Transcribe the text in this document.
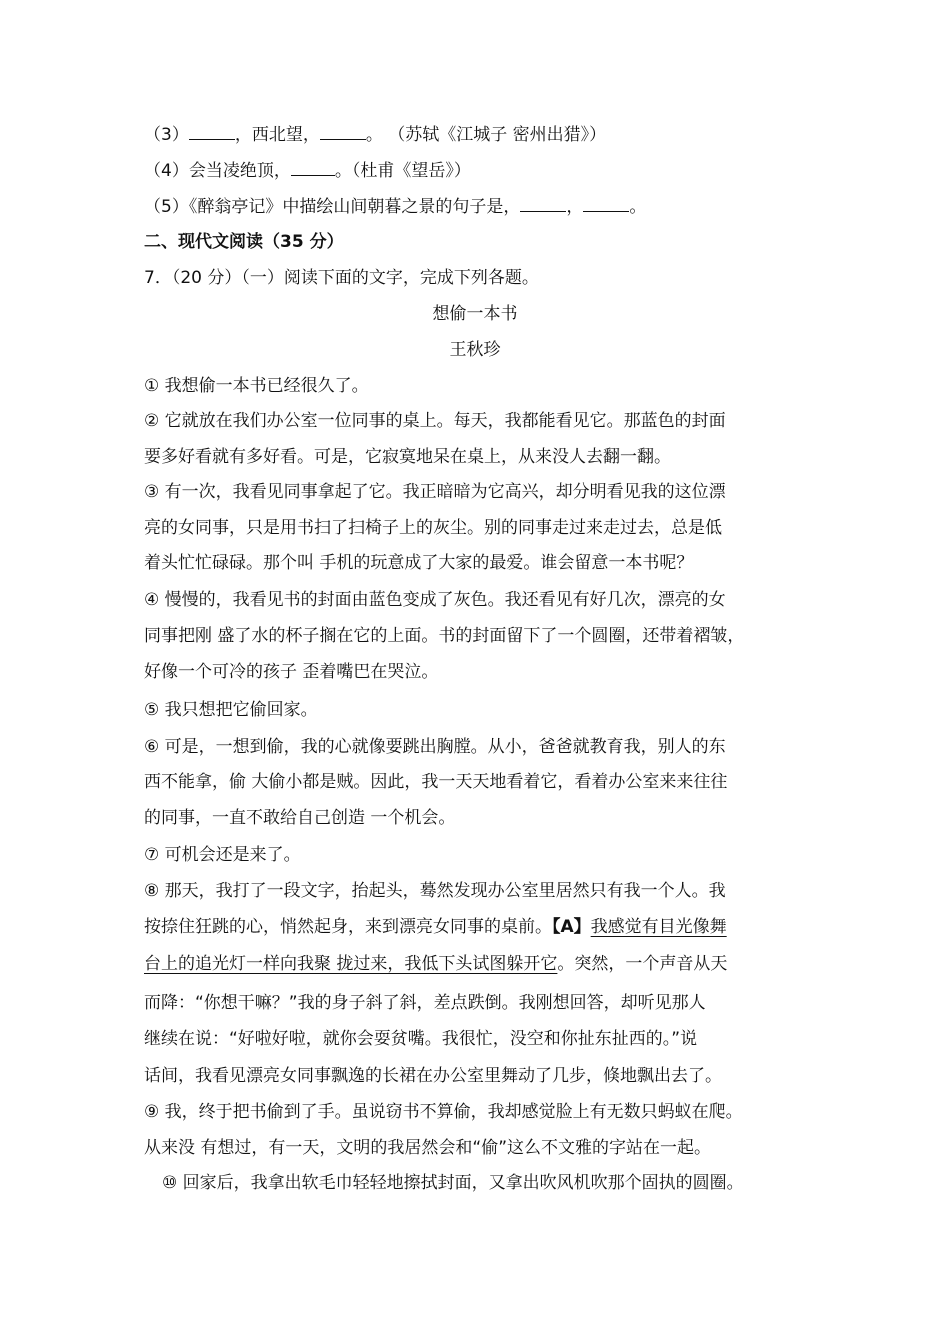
（3）	，西北望，	。 （苏轼《江城子 密州出猎》）
（4）会当凌绝顶，	。（杜甫《望岳》）
（5）《醉翁亭记》中描绘山间朝暮之景的句子是，	，	。
二、现代文阅读（35 分）
7．（20 分）（一）阅读下面的文字，完成下列各题。
想偷一本书
王秋珍
① 我想偷一本书已经很久了。
② 它就放在我们办公室一位同事的桌上。每天，我都能看见它。那蓝色的封面
要多好看就有多好看。可是，它寂寞地呆在桌上，从来没人去翻一翻。
③ 有一次，我看见同事拿起了它。我正暗暗为它高兴，却分明看见我的这位漂
亮的女同事，只是用书扫了扫椅子上的灰尘。别的同事走过来走过去，总是低
着头忙忙碌碌。那个叫 手机的玩意成了大家的最爱。谁会留意一本书呢？
④ 慢慢的，我看见书的封面由蓝色变成了灰色。我还看见有好几次，漂亮的女
同事把刚 盛了水的杯子搁在它的上面。书的封面留下了一个圆圈，还带着褶皱，
好像一个可冷的孩子 歪着嘴巴在哭泣。
⑤ 我只想把它偷回家。
⑥ 可是，一想到偷，我的心就像要跳出胸膛。从小，爸爸就教育我，别人的东
西不能拿，偷 大偷小都是贼。因此，我一天天地看着它，看着办公室来来往往
的同事，一直不敢给自己创造 一个机会。
⑦ 可机会还是来了。
⑧ 那天，我打了一段文字，抬起头，蓦然发现办公室里居然只有我一个人。我
按捺住狂跳的心，悄然起身，来到漂亮女同事的桌前。【A】我感觉有目光像舞
台上的追光灯一样向我聚 拢过来，我低下头试图躲开它。突然，一个声音从天
而降：“你想干嘛？”我的身子斜了斜，差点跌倒。我刚想回答，却听见那人
继续在说：“好啦好啦，就你会耍贫嘴。我很忙，没空和你扯东扯西的。”说
话间，我看见漂亮女同事飘逸的长裙在办公室里舞动了几步，倏地飘出去了。
⑨ 我，终于把书偷到了手。虽说窃书不算偷，我却感觉脸上有无数只蚂蚁在爬。
从来没 有想过，有一天，文明的我居然会和“偷”这么不文雅的字站在一起。
⑩ 回家后，我拿出软毛巾轻轻地擦拭封面，又拿出吹风机吹那个固执的圆圈。
